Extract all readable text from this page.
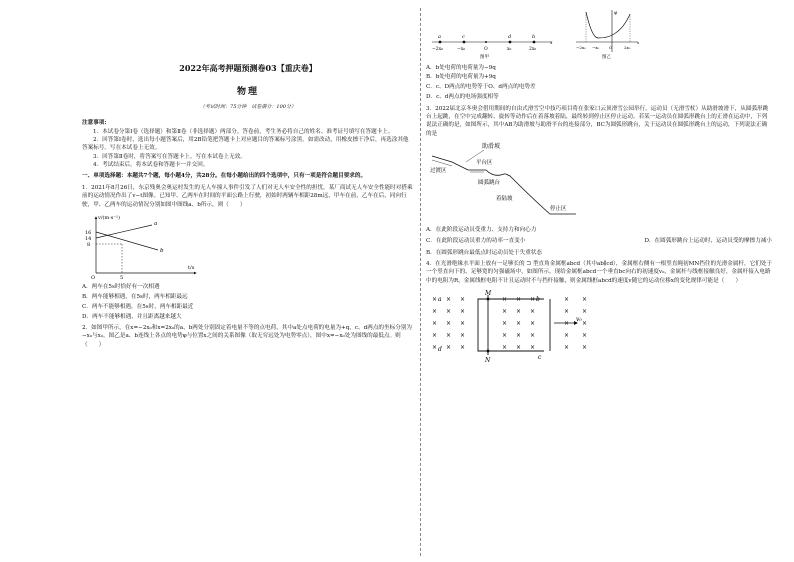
2022年高考押题预测卷03【重庆卷】
物理
（考试时间：75分钟　试卷满分：100分）
注意事项:

1．本试卷分第Ⅰ卷（选择题）和第Ⅱ卷（非选择题）两部分。答卷前，考生务必将自己的姓名、准考证号填写在答题卡上。

2．回答第Ⅰ卷时，选出每小题答案后，用2B铅笔把答题卡上对应题目的答案标号涂黑。如需改动，用橡皮擦干净后，再选涂其他答案标号。写在本试卷上无效。

3．回答第Ⅱ卷时，将答案写在答题卡上。写在本试卷上无效。

4．考试结束后，将本试卷和答题卡一并交回。

一、单项选择题：本题共7个题，每小题4分，共28分。在每小题给出的四个选项中，只有一项是符合题目要求的。

1．2021年8月26日，东京残奥会奥运村发生的无人车撞人事件引发了人们对无人车安全性的担忧。某厂商试无人车安全性能时对搭乘前的运动情况作出了v−t图像。已知甲、乙两车在时间的平面公路上行驶，初始时两辆车相距28m远，甲车在前，乙车在后，同向行驶，甲、乙两车的运动情况分别如图中图线a、b所示，则（　　）

v/(m·s⁻¹)
t/s
16
14
8
5
O
a
b

A．两车在5s时恰好有一次相遇

B．两车能够相遇，在5s时，两车相距最远

C．两车不能够相遇，在5s时，两车相距最近

D．两车不能够相遇，并且距离越来越大

2．如图甲所示，在x=−2x₀和x=2x₀的a、b两处分别固定着电量不等的点电荷，其中a处点电荷的电量为+q，c、d两点的坐标分别为−x₀与x₀。图乙是a、b连线上各点的电势φ与位置x之间的关系图像（取无穷远处为电势零点），图中x=−x₀处为图线的最低点。则（　　）

a	c	d	b
−2x₀	−x₀	O	x₀	2x₀
x
图甲
φ
−2x₀ −x₀ O	2x₀
x
图乙

A．b处电荷的电荷量为−9q

B．b处电荷的电荷量为+9q

C．c、D两点的电势等于O、d两点的电势差

D．c、d两点的电场强度相等

3．2022届北京冬奥会借用期间的自由式滑雪空中技巧项目将在张家口云顶滑雪公园举行。运动员（无滑雪杖）从助滑坡滑下，从圆弧形跳台上起跳，在空中完成翻转、旋转等动作后在着落坡着陆，最终转到停止区停止运动。若某一运动员在圆弧形跳台上的正滑在运动中，下列说法正确的是，如图所示，其中AB为助滑坡与助滑平台的连接部分，BC为圆弧形跳台，关于运动员在圆弧形跳台上的运动，下列说法正确的是

助滑坡
平台区
过渡区
圆弧跳台
着陆坡
停止区

A．在此阶段运动员受重力、支持力和向心力

C．在此阶段运动员重力的功率一直变小	D．在圆弧形跳台上运动时，运动员受的摩擦力减小

B．在圆弧形跳台最低点时运动员处于失重状态

4．在光滑绝缘水平面上放有一足够长的 ⊐ 型直角金属框abcd（其中ab∥cd），金属框右侧有一根竖直绳初MN挡住的光滑金属杆，它们处于一个竖直向下的、足够宽的匀强磁场中，如图所示。现给金属框abcd一个垂直bc向右的初速度v₀，金属杆与线框接触良好，金属杆接入电路中的电阻为R，金属线框电阻不计且运动时不与挡杆接触，则金属线框abcd的速度v随它的运动位移x的变化规律可能是（　　）

× × ×	× × ×	× ×
× × ×	× × ×	× ×
× × ×	× × ×	× ×
× × ×	× × ×	× ×
× × ×	× × ×	× ×
a	b
c
d
M
N
v₀
